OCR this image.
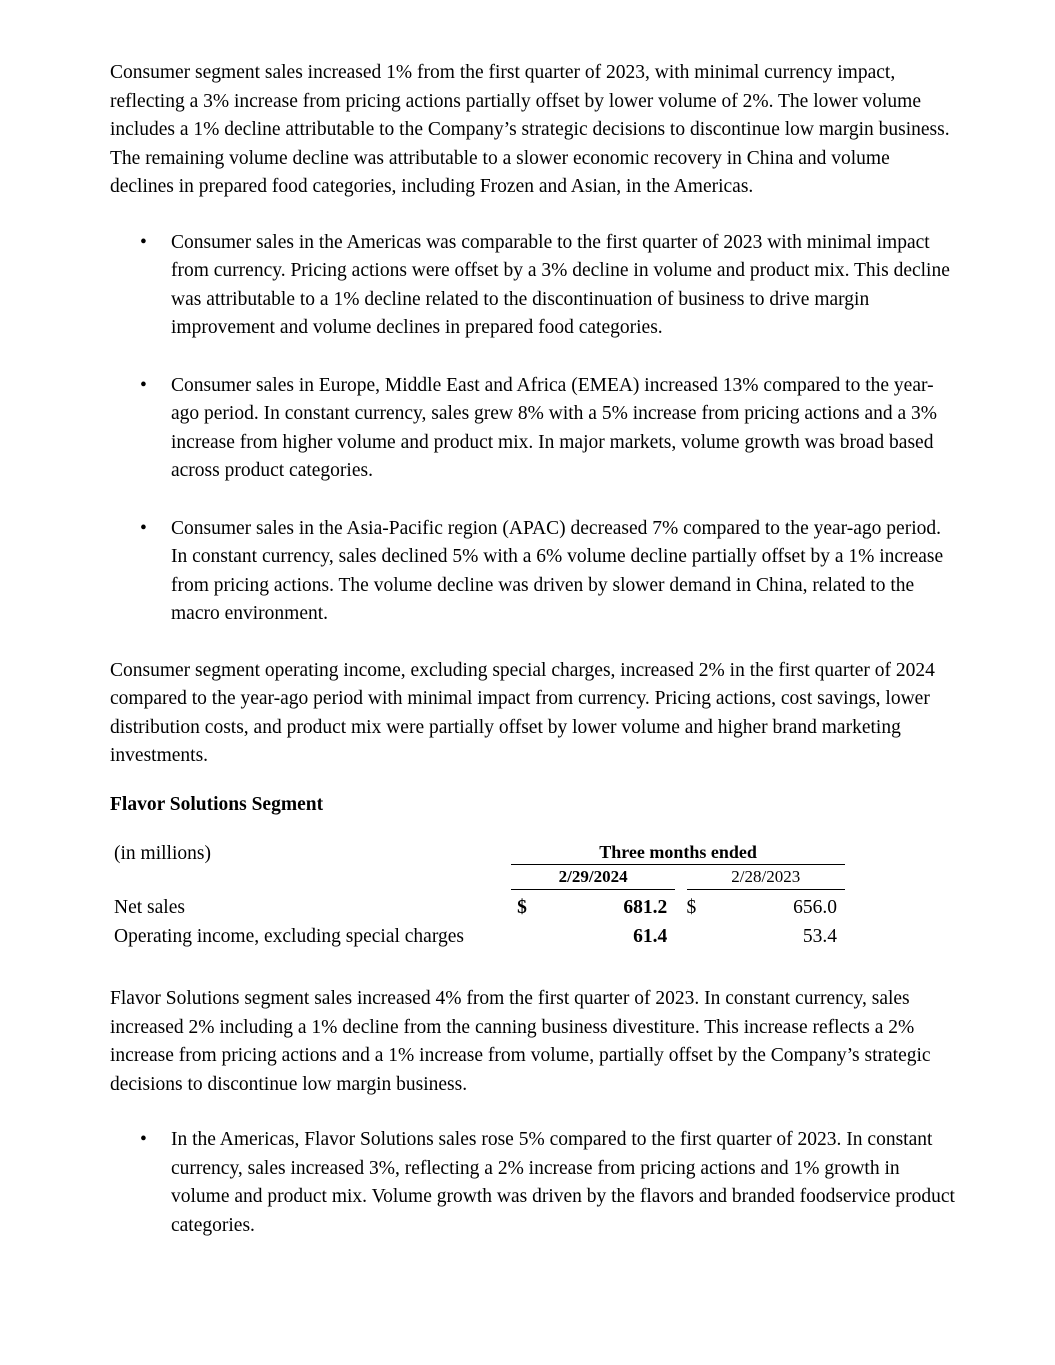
Consumer segment sales increased 1% from the first quarter of 2023, with minimal currency impact, reflecting a 3% increase from pricing actions partially offset by lower volume of 2%. The lower volume includes a 1% decline attributable to the Company’s strategic decisions to discontinue low margin business. The remaining volume decline was attributable to a slower economic recovery in China and volume declines in prepared food categories, including Frozen and Asian, in the Americas.

• Consumer sales in the Americas was comparable to the first quarter of 2023 with minimal impact from currency. Pricing actions were offset by a 3% decline in volume and product mix. This decline was attributable to a 1% decline related to the discontinuation of business to drive margin improvement and volume declines in prepared food categories.
• Consumer sales in Europe, Middle East and Africa (EMEA) increased 13% compared to the year-ago period. In constant currency, sales grew 8% with a 5% increase from pricing actions and a 3% increase from higher volume and product mix. In major markets, volume growth was broad based across product categories.
• Consumer sales in the Asia-Pacific region (APAC) decreased 7% compared to the year-ago period. In constant currency, sales declined 5% with a 6% volume decline partially offset by a 1% increase from pricing actions. The volume decline was driven by slower demand in China, related to the macro environment.

Consumer segment operating income, excluding special charges, increased 2% in the first quarter of 2024 compared to the year-ago period with minimal impact from currency. Pricing actions, cost savings, lower distribution costs, and product mix were partially offset by lower volume and higher brand marketing investments.

Flavor Solutions Segment

(in millions)		Three months ended				
		2/29/2024			2/28/2023	
Net sales		$	681.2		$	656.0
Operating income, excluding special charges			61.4			53.4

Flavor Solutions segment sales increased 4% from the first quarter of 2023. In constant currency, sales increased 2% including a 1% decline from the canning business divestiture. This increase reflects a 2% increase from pricing actions and a 1% increase from volume, partially offset by the Company’s strategic decisions to discontinue low margin business.

• In the Americas, Flavor Solutions sales rose 5% compared to the first quarter of 2023. In constant currency, sales increased 3%, reflecting a 2% increase from pricing actions and 1% growth in volume and product mix. Volume growth was driven by the flavors and branded foodservice product categories.
